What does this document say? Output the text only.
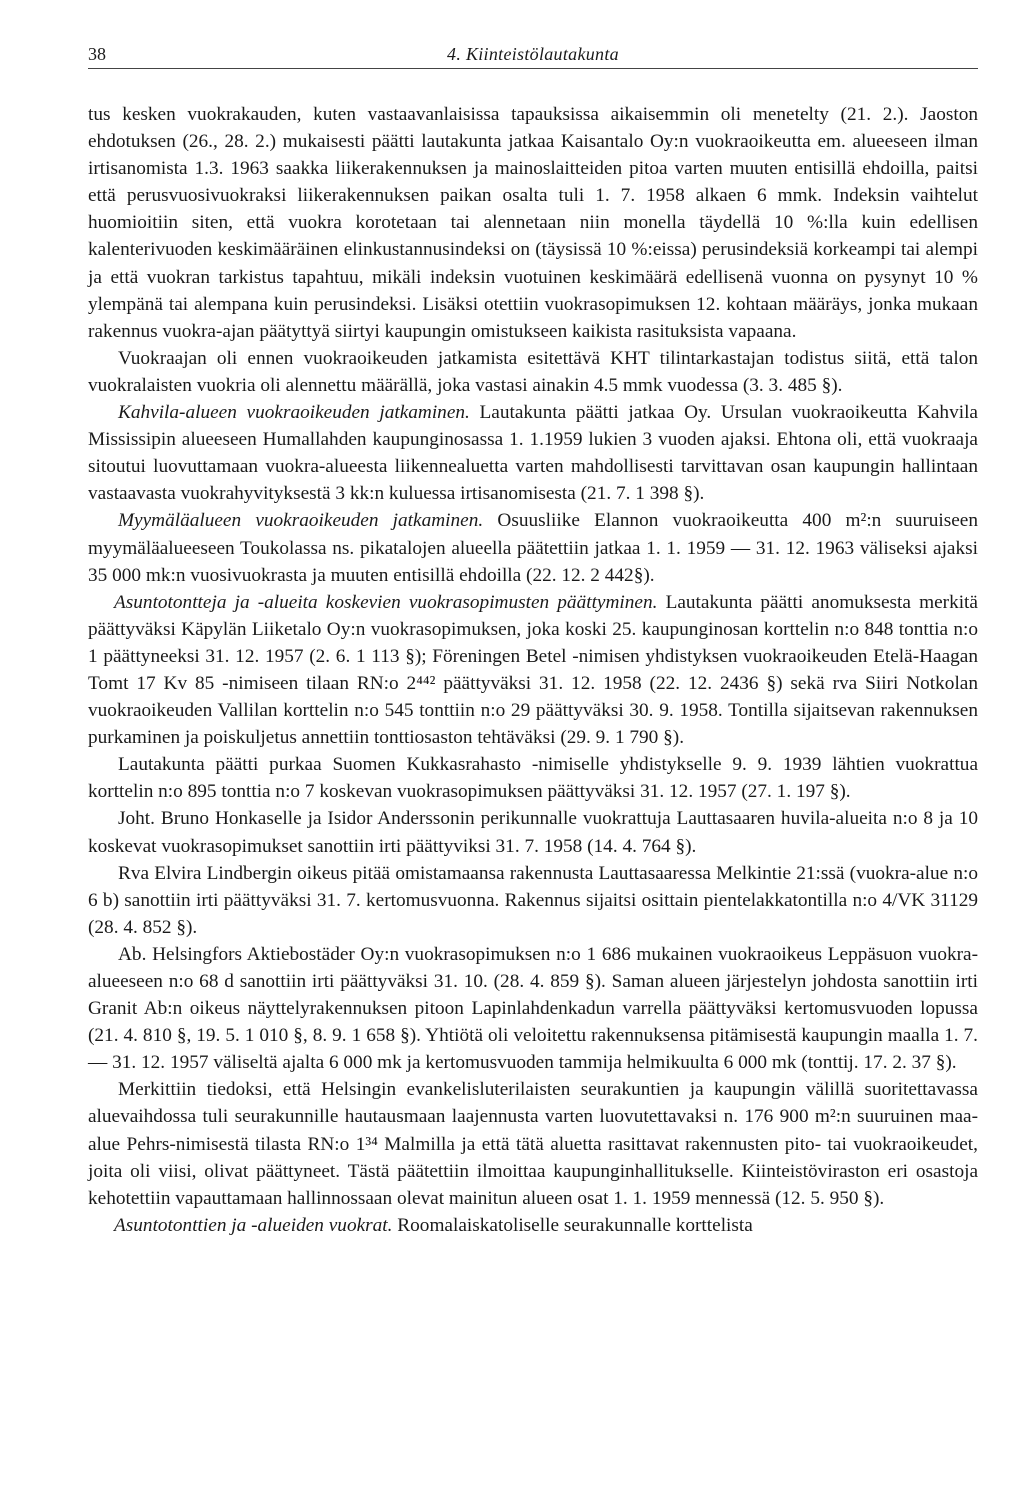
38	4. Kiinteistölautakunta

tus kesken vuokrakauden, kuten vastaavanlaisissa tapauksissa aikaisemmin oli menetelty (21. 2.). Jaoston ehdotuksen (26., 28. 2.) mukaisesti päätti lautakunta jatkaa Kaisantalo Oy:n vuokraoikeutta em. alueeseen ilman irtisanomista 1.3. 1963 saakka liikerakennuksen ja mainoslaitteiden pitoa varten muuten entisillä ehdoilla, paitsi että perusvuosivuokraksi liikerakennuksen paikan osalta tuli 1. 7. 1958 alkaen 6 mmk. Indeksin vaihtelut huomioitiin siten, että vuokra korotetaan tai alennetaan niin monella täydellä 10 %:lla kuin edellisen kalenterivuoden keskimääräinen elinkustannusindeksi on (täysissä 10 %:eissa) perusindeksiä korkeampi tai alempi ja että vuokran tarkistus tapahtuu, mikäli indeksin vuotuinen keskimäärä edellisenä vuonna on pysynyt 10 % ylempänä tai alempana kuin perusindeksi. Lisäksi otettiin vuokrasopimuksen 12. kohtaan määräys, jonka mukaan rakennus vuokra-ajan päätyttyä siirtyi kaupungin omistukseen kaikista rasituksista vapaana.

Vuokraajan oli ennen vuokraoikeuden jatkamista esitettävä KHT tilintarkastajan todistus siitä, että talon vuokralaisten vuokria oli alennettu määrällä, joka vastasi ainakin 4.5 mmk vuodessa (3. 3. 485 §).

Kahvila-alueen vuokraoikeuden jatkaminen. Lautakunta päätti jatkaa Oy. Ursulan vuokraoikeutta Kahvila Mississipin alueeseen Humallahden kaupunginosassa 1. 1.1959 lukien 3 vuoden ajaksi. Ehtona oli, että vuokraaja sitoutui luovuttamaan vuokra-alueesta liikennealuetta varten mahdollisesti tarvittavan osan kaupungin hallintaan vastaavasta vuokrahyvityksestä 3 kk:n kuluessa irtisanomisesta (21. 7. 1 398 §).

Myymäläalueen vuokraoikeuden jatkaminen. Osuusliike Elannon vuokraoikeutta 400 m²:n suuruiseen myymäläalueeseen Toukolassa ns. pikatalojen alueella päätettiin jatkaa 1. 1. 1959 — 31. 12. 1963 väliseksi ajaksi 35 000 mk:n vuosivuokrasta ja muuten entisillä ehdoilla (22. 12. 2 442§).

Asuntotontteja ja -alueita koskevien vuokrasopimusten päättyminen. Lautakunta päätti anomuksesta merkitä päättyväksi Käpylän Liiketalo Oy:n vuokrasopimuksen, joka koski 25. kaupunginosan korttelin n:o 848 tonttia n:o 1 päättyneeksi 31. 12. 1957 (2. 6. 1 113 §); Föreningen Betel -nimisen yhdistyksen vuokraoikeuden Etelä-Haagan Tomt 17 Kv 85 -nimiseen tilaan RN:o 2⁴⁴² päättyväksi 31. 12. 1958 (22. 12. 2436 §) sekä rva Siiri Notkolan vuokraoikeuden Vallilan korttelin n:o 545 tonttiin n:o 29 päättyväksi 30. 9. 1958. Tontilla sijaitsevan rakennuksen purkaminen ja poiskuljetus annettiin tonttiosaston tehtäväksi (29. 9. 1 790 §).

Lautakunta päätti purkaa Suomen Kukkasrahasto -nimiselle yhdistykselle 9. 9. 1939 lähtien vuokrattua korttelin n:o 895 tonttia n:o 7 koskevan vuokrasopimuksen päättyväksi 31. 12. 1957 (27. 1. 197 §).

Joht. Bruno Honkaselle ja Isidor Anderssonin perikunnalle vuokrattuja Lauttasaaren huvila-alueita n:o 8 ja 10 koskevat vuokrasopimukset sanottiin irti päättyviksi 31. 7. 1958 (14. 4. 764 §).

Rva Elvira Lindbergin oikeus pitää omistamaansa rakennusta Lauttasaaressa Melkintie 21:ssä (vuokra-alue n:o 6 b) sanottiin irti päättyväksi 31. 7. kertomusvuonna. Rakennus sijaitsi osittain pientelakkatontilla n:o 4/VK 31129 (28. 4. 852 §).

Ab. Helsingfors Aktiebostäder Oy:n vuokrasopimuksen n:o 1 686 mukainen vuokraoikeus Leppäsuon vuokra-alueeseen n:o 68 d sanottiin irti päättyväksi 31. 10. (28. 4. 859 §). Saman alueen järjestelyn johdosta sanottiin irti Granit Ab:n oikeus näyttelyrakennuksen pitoon Lapinlahdenkadun varrella päättyväksi kertomusvuoden lopussa (21. 4. 810 §, 19. 5. 1 010 §, 8. 9. 1 658 §). Yhtiötä oli veloitettu rakennuksensa pitämisestä kaupungin maalla 1. 7. — 31. 12. 1957 väliseltä ajalta 6 000 mk ja kertomusvuoden tammija helmikuulta 6 000 mk (tonttij. 17. 2. 37 §).

Merkittiin tiedoksi, että Helsingin evankelisluterilaisten seurakuntien ja kaupungin välillä suoritettavassa aluevaihdossa tuli seurakunnille hautausmaan laajennusta varten luovutettavaksi n. 176 900 m²:n suuruinen maa-alue Pehrs-nimisestä tilasta RN:o 1³⁴ Malmilla ja että tätä aluetta rasittavat rakennusten pito- tai vuokraoikeudet, joita oli viisi, olivat päättyneet. Tästä päätettiin ilmoittaa kaupunginhallitukselle. Kiinteistöviraston eri osastoja kehotettiin vapauttamaan hallinnossaan olevat mainitun alueen osat 1. 1. 1959 mennessä (12. 5. 950 §).

Asuntotonttien ja -alueiden vuokrat. Roomalaiskatoliselle seurakunnalle korttelista
